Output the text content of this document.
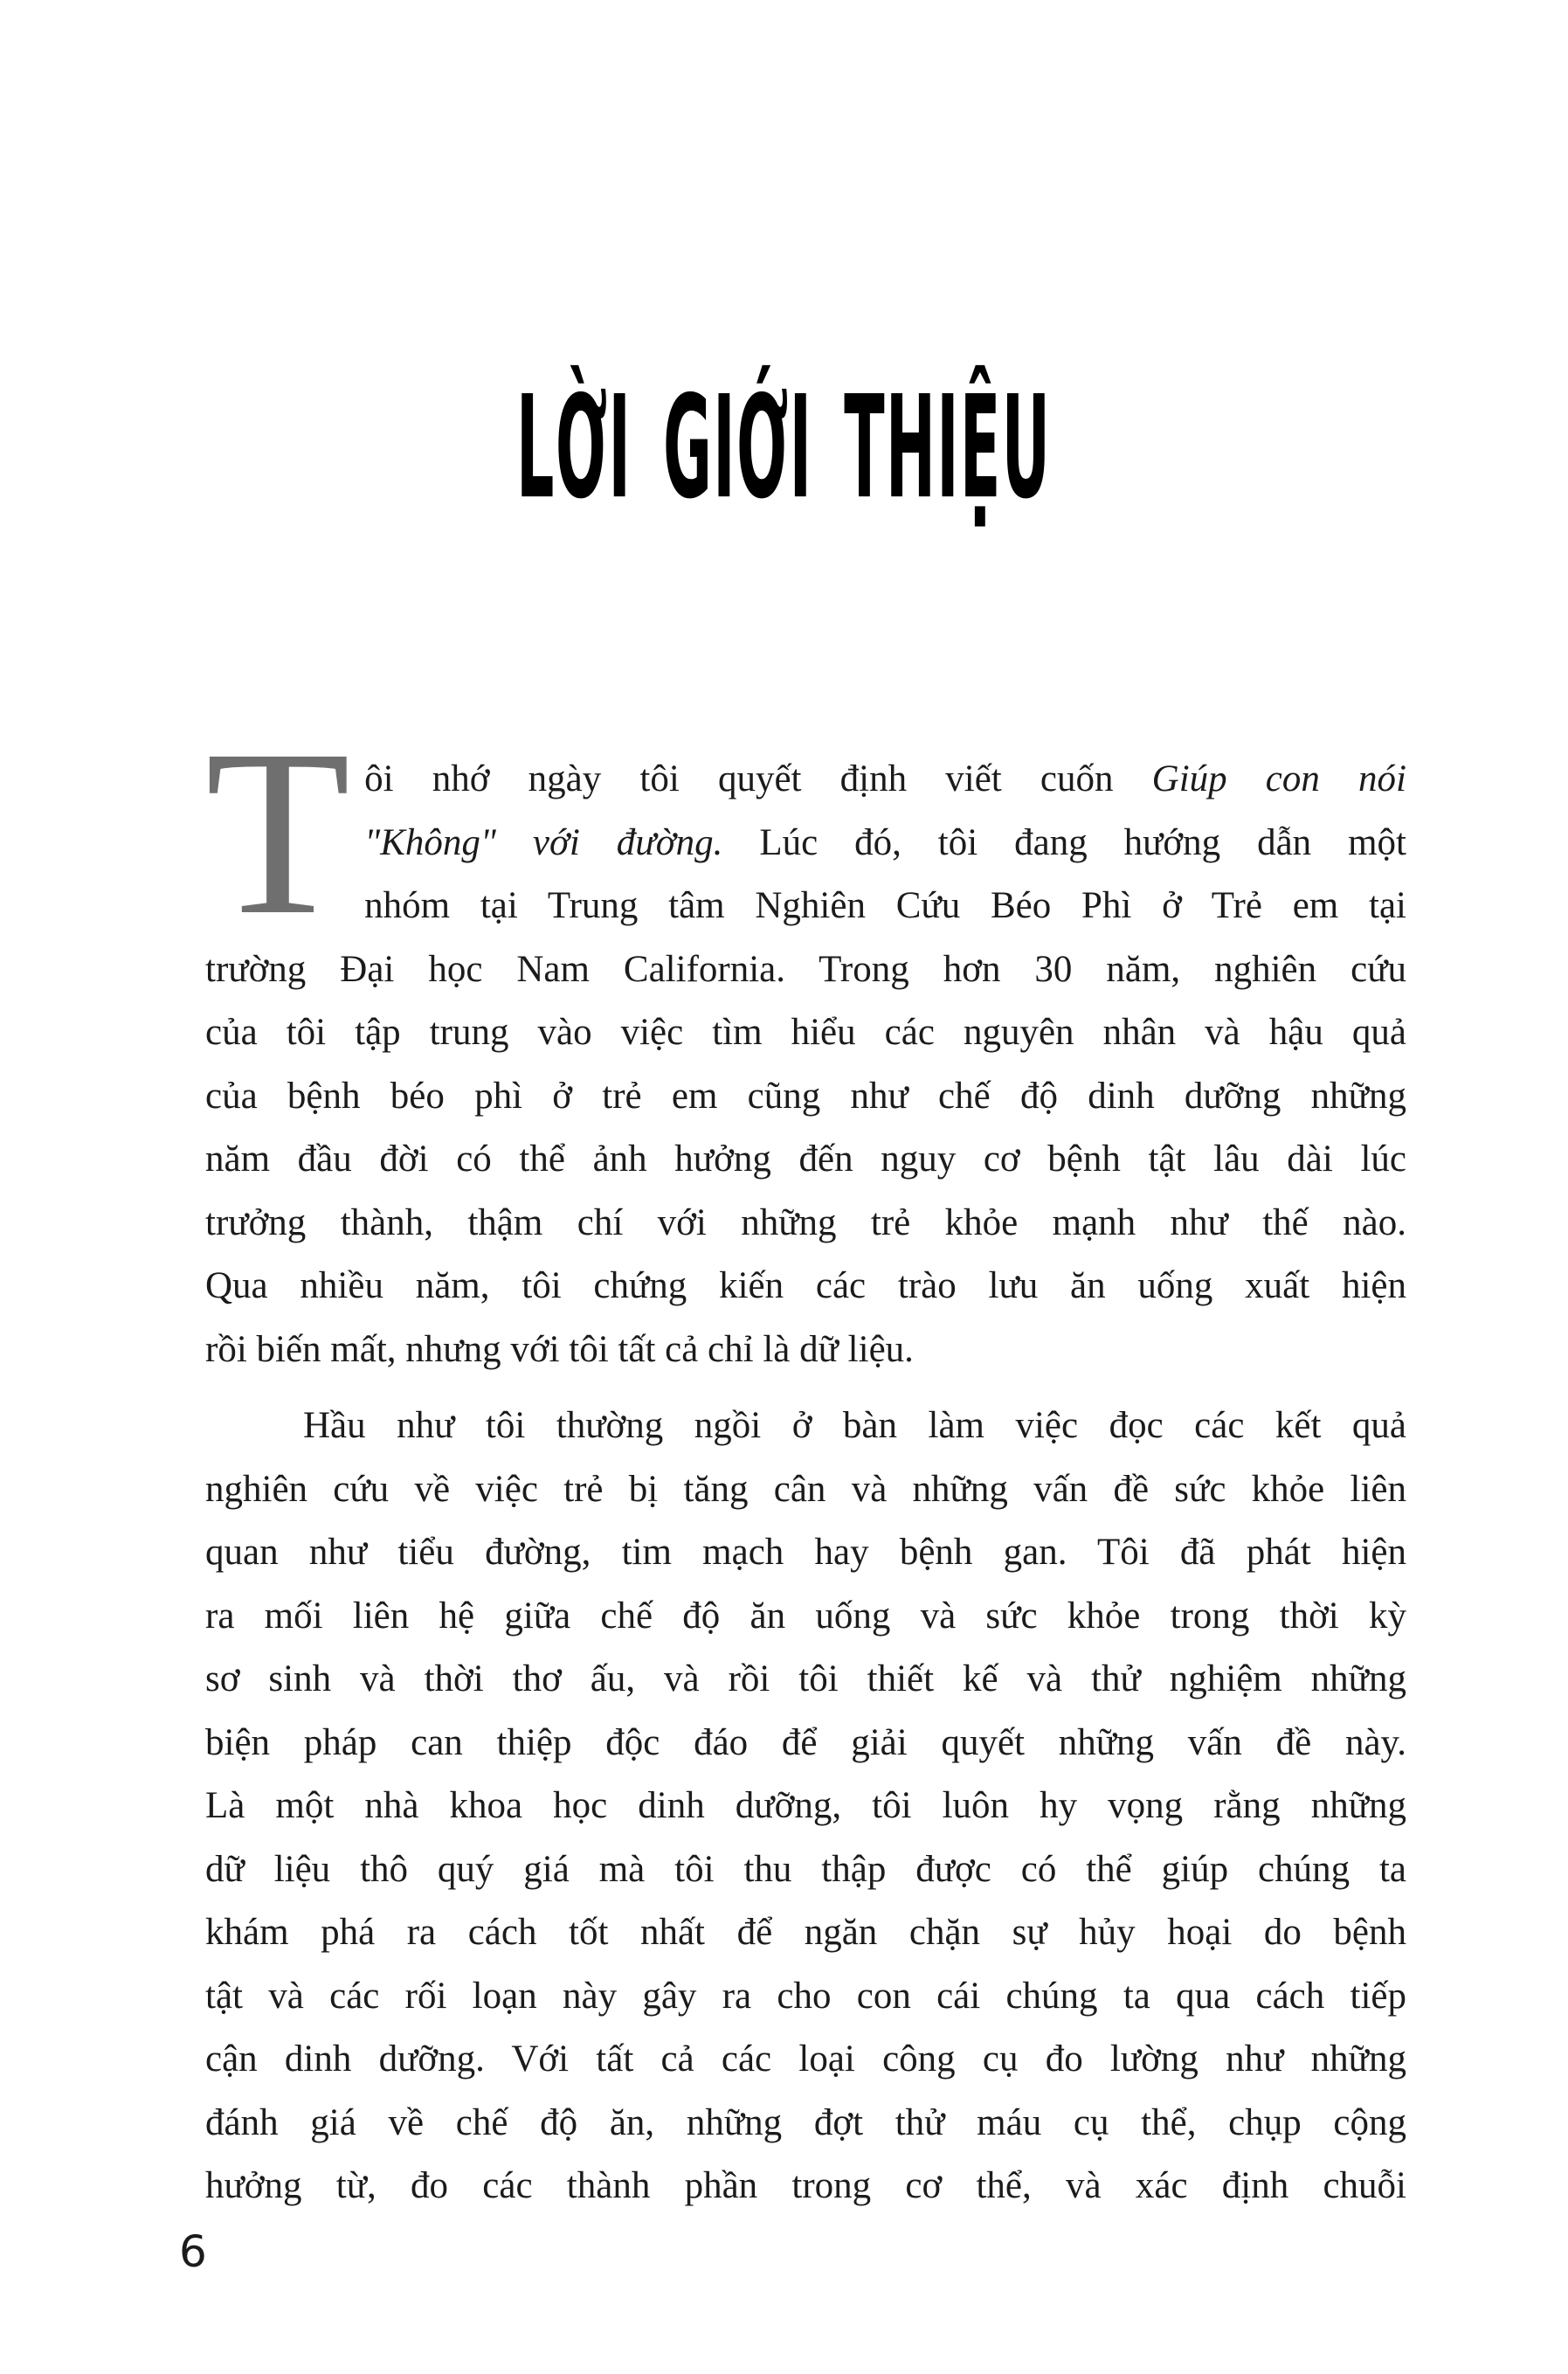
LỜI GIỚI THIỆU
T ôi nhớ ngày tôi quyết định viết cuốn Giúp con nói
"Không" với đường. Lúc đó, tôi đang hướng dẫn một
nhóm tại Trung tâm Nghiên Cứu Béo Phì ở Trẻ em tại
trường Đại học Nam California. Trong hơn 30 năm, nghiên cứu
của tôi tập trung vào việc tìm hiểu các nguyên nhân và hậu quả
của bệnh béo phì ở trẻ em cũng như chế độ dinh dưỡng những
năm đầu đời có thể ảnh hưởng đến nguy cơ bệnh tật lâu dài lúc
trưởng thành, thậm chí với những trẻ khỏe mạnh như thế nào.
Qua nhiều năm, tôi chứng kiến các trào lưu ăn uống xuất hiện
rồi biến mất, nhưng với tôi tất cả chỉ là dữ liệu.
Hầu như tôi thường ngồi ở bàn làm việc đọc các kết quả
nghiên cứu về việc trẻ bị tăng cân và những vấn đề sức khỏe liên
quan như tiểu đường, tim mạch hay bệnh gan. Tôi đã phát hiện
ra mối liên hệ giữa chế độ ăn uống và sức khỏe trong thời kỳ
sơ sinh và thời thơ ấu, và rồi tôi thiết kế và thử nghiệm những
biện pháp can thiệp độc đáo để giải quyết những vấn đề này.
Là một nhà khoa học dinh dưỡng, tôi luôn hy vọng rằng những
dữ liệu thô quý giá mà tôi thu thập được có thể giúp chúng ta
khám phá ra cách tốt nhất để ngăn chặn sự hủy hoại do bệnh
tật và các rối loạn này gây ra cho con cái chúng ta qua cách tiếp
cận dinh dưỡng. Với tất cả các loại công cụ đo lường như những
đánh giá về chế độ ăn, những đợt thử máu cụ thể, chụp cộng
hưởng từ, đo các thành phần trong cơ thể, và xác định chuỗi
6
